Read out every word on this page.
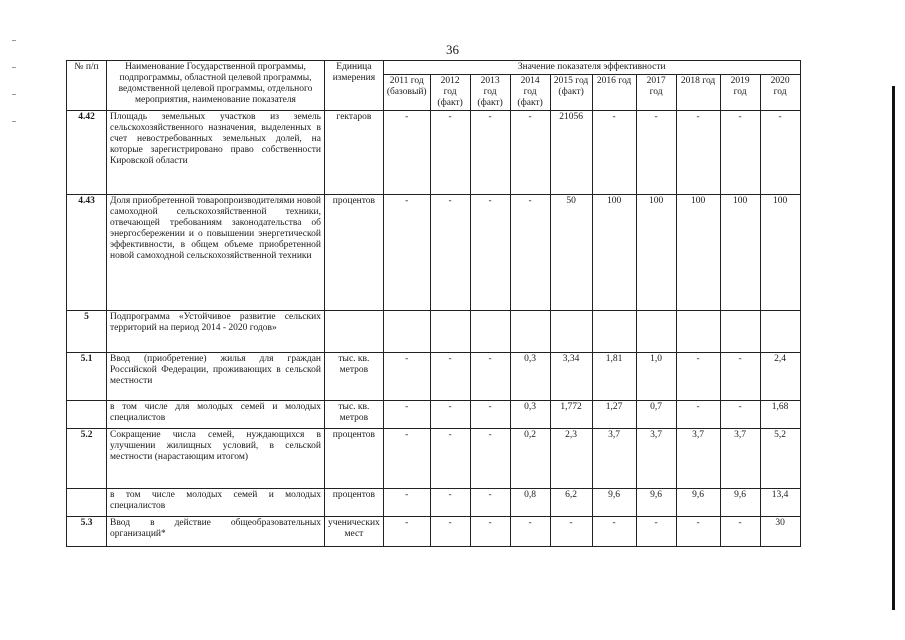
36
№ п/п	Наименование Государственной программы, подпрограммы, областной целевой программы, ведомственной целевой программы, отдельного мероприятия, наименование показателя	Единица измерения	Значение показателя эффективности									
			2011 год (базовый)	2012 год (факт)	2013 год (факт)	2014 год (факт)	2015 год (факт)	2016 год	2017 год	2018 год	2019 год	2020 год
4.42	Площадь земельных участков из земель сельскохозяйственного назначения, выделенных в счет невостребованных земельных долей, на которые зарегистрировано право собственности Кировской области	гектаров	-	-	-	-	21056	-	-	-	-	-
4.43	Доля приобретенной товаропроизводителями новой самоходной сельскохозяйственной техники, отвечающей требованиям законодательства об энергосбережении и о повышении энергетической эффективности, в общем объеме приобретенной новой самоходной сельскохозяйственной техники	процентов	-	-	-	-	50	100	100	100	100	100
5	Подпрограмма «Устойчивое развитие сельских территорий на период 2014 - 2020 годов»											
5.1	Ввод (приобретение) жилья для граждан Российской Федерации, проживающих в сельской местности	тыс. кв. метров	-	-	-	0,3	3,34	1,81	1,0	-	-	2,4
	в том числе для молодых семей и молодых специалистов	тыс. кв. метров	-	-	-	0,3	1,772	1,27	0,7	-	-	1,68
5.2	Сокращение числа семей, нуждающихся в улучшении жилищных условий, в сельской местности (нарастающим итогом)	процентов	-	-	-	0,2	2,3	3,7	3,7	3,7	3,7	5,2
	в том числе молодых семей и молодых специалистов	процентов	-	-	-	0,8	6,2	9,6	9,6	9,6	9,6	13,4
5.3	Ввод в действие общеобразовательных организаций*	ученических мест	-	-	-	-	-	-	-	-	-	30
